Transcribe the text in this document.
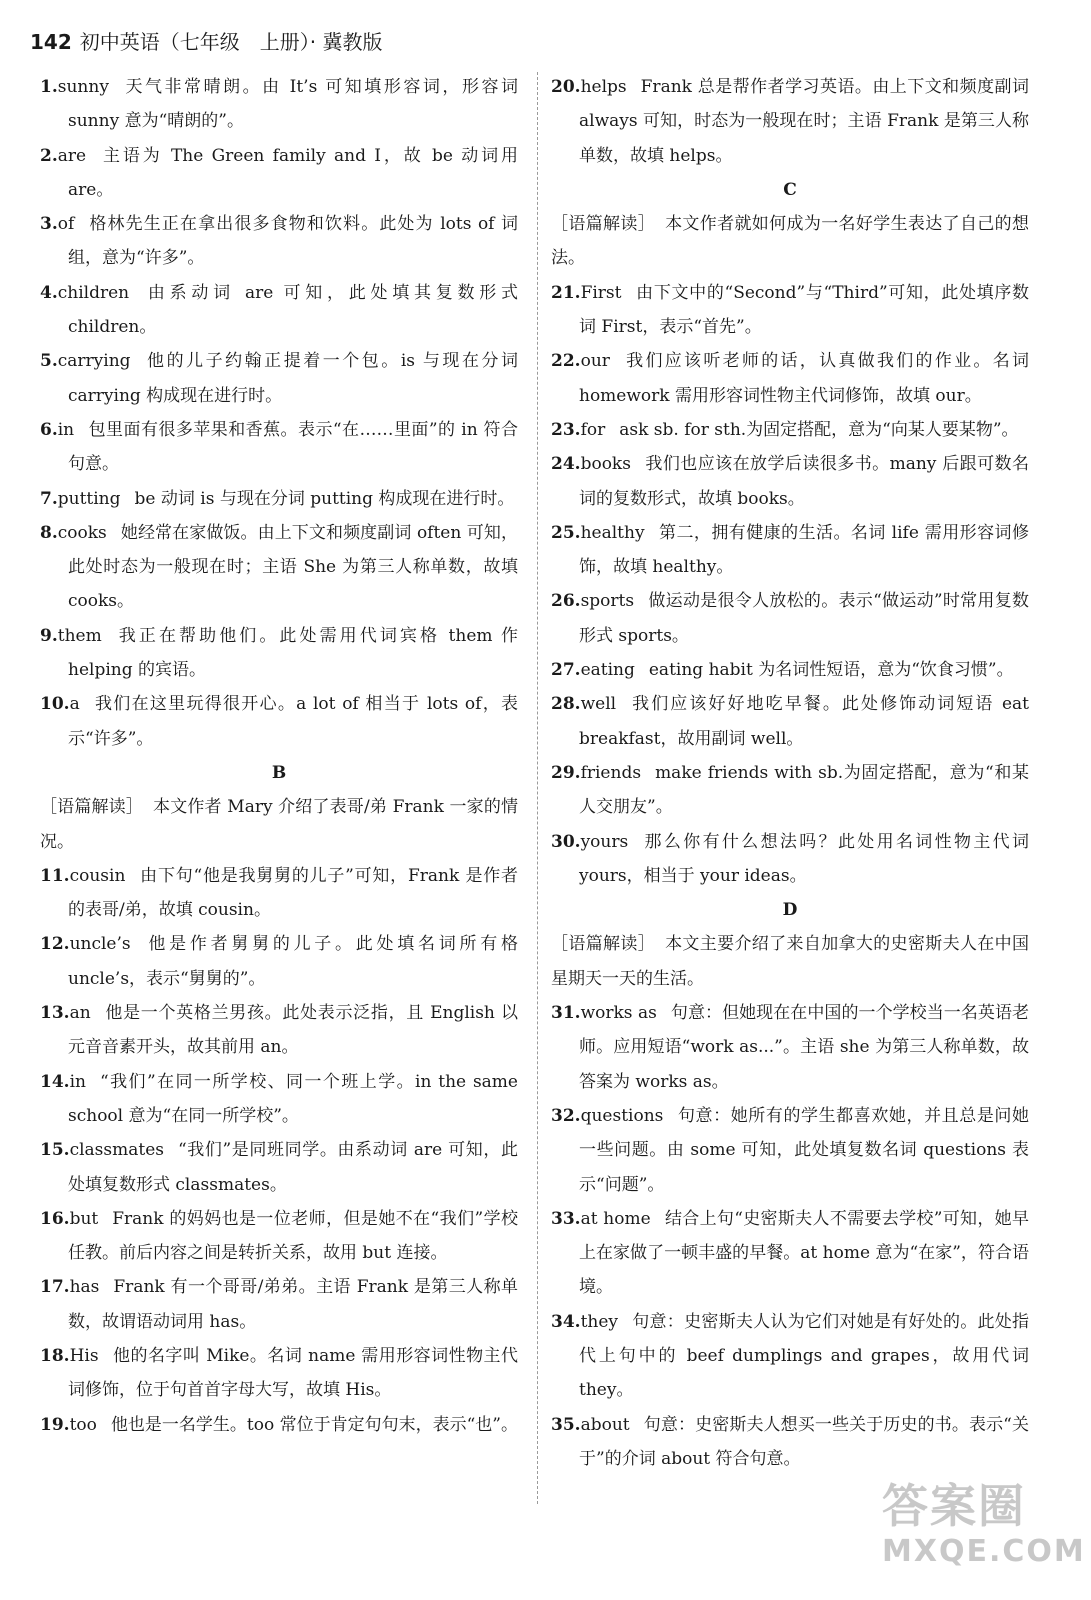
142 初中英语（七年级　上册）· 冀教版

1.sunny 天气非常晴朗。由 It’s 可知填形容词，形容词 sunny 意为“晴朗的”。

2.are 主语为 The Green family and I，故 be 动词用 are。

3.of 格林先生正在拿出很多食物和饮料。此处为 lots of 词组，意为“许多”。

4.children 由系动词 are 可知，此处填其复数形式 children。

5.carrying 他的儿子约翰正提着一个包。is 与现在分词 carrying 构成现在进行时。

6.in 包里面有很多苹果和香蕉。表示“在……里面”的 in 符合句意。

7.putting be 动词 is 与现在分词 putting 构成现在进行时。

8.cooks 她经常在家做饭。由上下文和频度副词 often 可知，此处时态为一般现在时；主语 She 为第三人称单数，故填 cooks。

9.them 我正在帮助他们。此处需用代词宾格 them 作 helping 的宾语。

10.a 我们在这里玩得很开心。a lot of 相当于 lots of，表示“许多”。

B

［语篇解读］ 本文作者 Mary 介绍了表哥/弟 Frank 一家的情况。

11.cousin 由下句“他是我舅舅的儿子”可知，Frank 是作者的表哥/弟，故填 cousin。

12.uncle’s 他是作者舅舅的儿子。此处填名词所有格 uncle’s，表示“舅舅的”。

13.an 他是一个英格兰男孩。此处表示泛指，且 English 以元音音素开头，故其前用 an。

14.in “我们”在同一所学校、同一个班上学。in the same school 意为“在同一所学校”。

15.classmates “我们”是同班同学。由系动词 are 可知，此处填复数形式 classmates。

16.but Frank 的妈妈也是一位老师，但是她不在“我们”学校任教。前后内容之间是转折关系，故用 but 连接。

17.has Frank 有一个哥哥/弟弟。主语 Frank 是第三人称单数，故谓语动词用 has。

18.His 他的名字叫 Mike。名词 name 需用形容词性物主代词修饰，位于句首首字母大写，故填 His。

19.too 他也是一名学生。too 常位于肯定句句末，表示“也”。

20.helps Frank 总是帮作者学习英语。由上下文和频度副词 always 可知，时态为一般现在时；主语 Frank 是第三人称单数，故填 helps。

C

［语篇解读］ 本文作者就如何成为一名好学生表达了自己的想法。

21.First 由下文中的“Second”与“Third”可知，此处填序数词 First，表示“首先”。

22.our 我们应该听老师的话，认真做我们的作业。名词 homework 需用形容词性物主代词修饰，故填 our。

23.for ask sb. for sth.为固定搭配，意为“向某人要某物”。

24.books 我们也应该在放学后读很多书。many 后跟可数名词的复数形式，故填 books。

25.healthy 第二，拥有健康的生活。名词 life 需用形容词修饰，故填 healthy。

26.sports 做运动是很令人放松的。表示“做运动”时常用复数形式 sports。

27.eating eating habit 为名词性短语，意为“饮食习惯”。

28.well 我们应该好好地吃早餐。此处修饰动词短语 eat breakfast，故用副词 well。

29.friends make friends with sb.为固定搭配，意为“和某人交朋友”。

30.yours 那么你有什么想法吗？此处用名词性物主代词 yours，相当于 your ideas。

D

［语篇解读］ 本文主要介绍了来自加拿大的史密斯夫人在中国星期天一天的生活。

31.works as 句意：但她现在在中国的一个学校当一名英语老师。应用短语“work as...”。主语 she 为第三人称单数，故答案为 works as。

32.questions 句意：她所有的学生都喜欢她，并且总是问她一些问题。由 some 可知，此处填复数名词 questions 表示“问题”。

33.at home 结合上句“史密斯夫人不需要去学校”可知，她早上在家做了一顿丰盛的早餐。at home 意为“在家”，符合语境。

34.they 句意：史密斯夫人认为它们对她是有好处的。此处指代上句中的 beef dumplings and grapes，故用代词 they。

35.about 句意：史密斯夫人想买一些关于历史的书。表示“关于”的介词 about 符合句意。

答案圈
MXQE.COM
